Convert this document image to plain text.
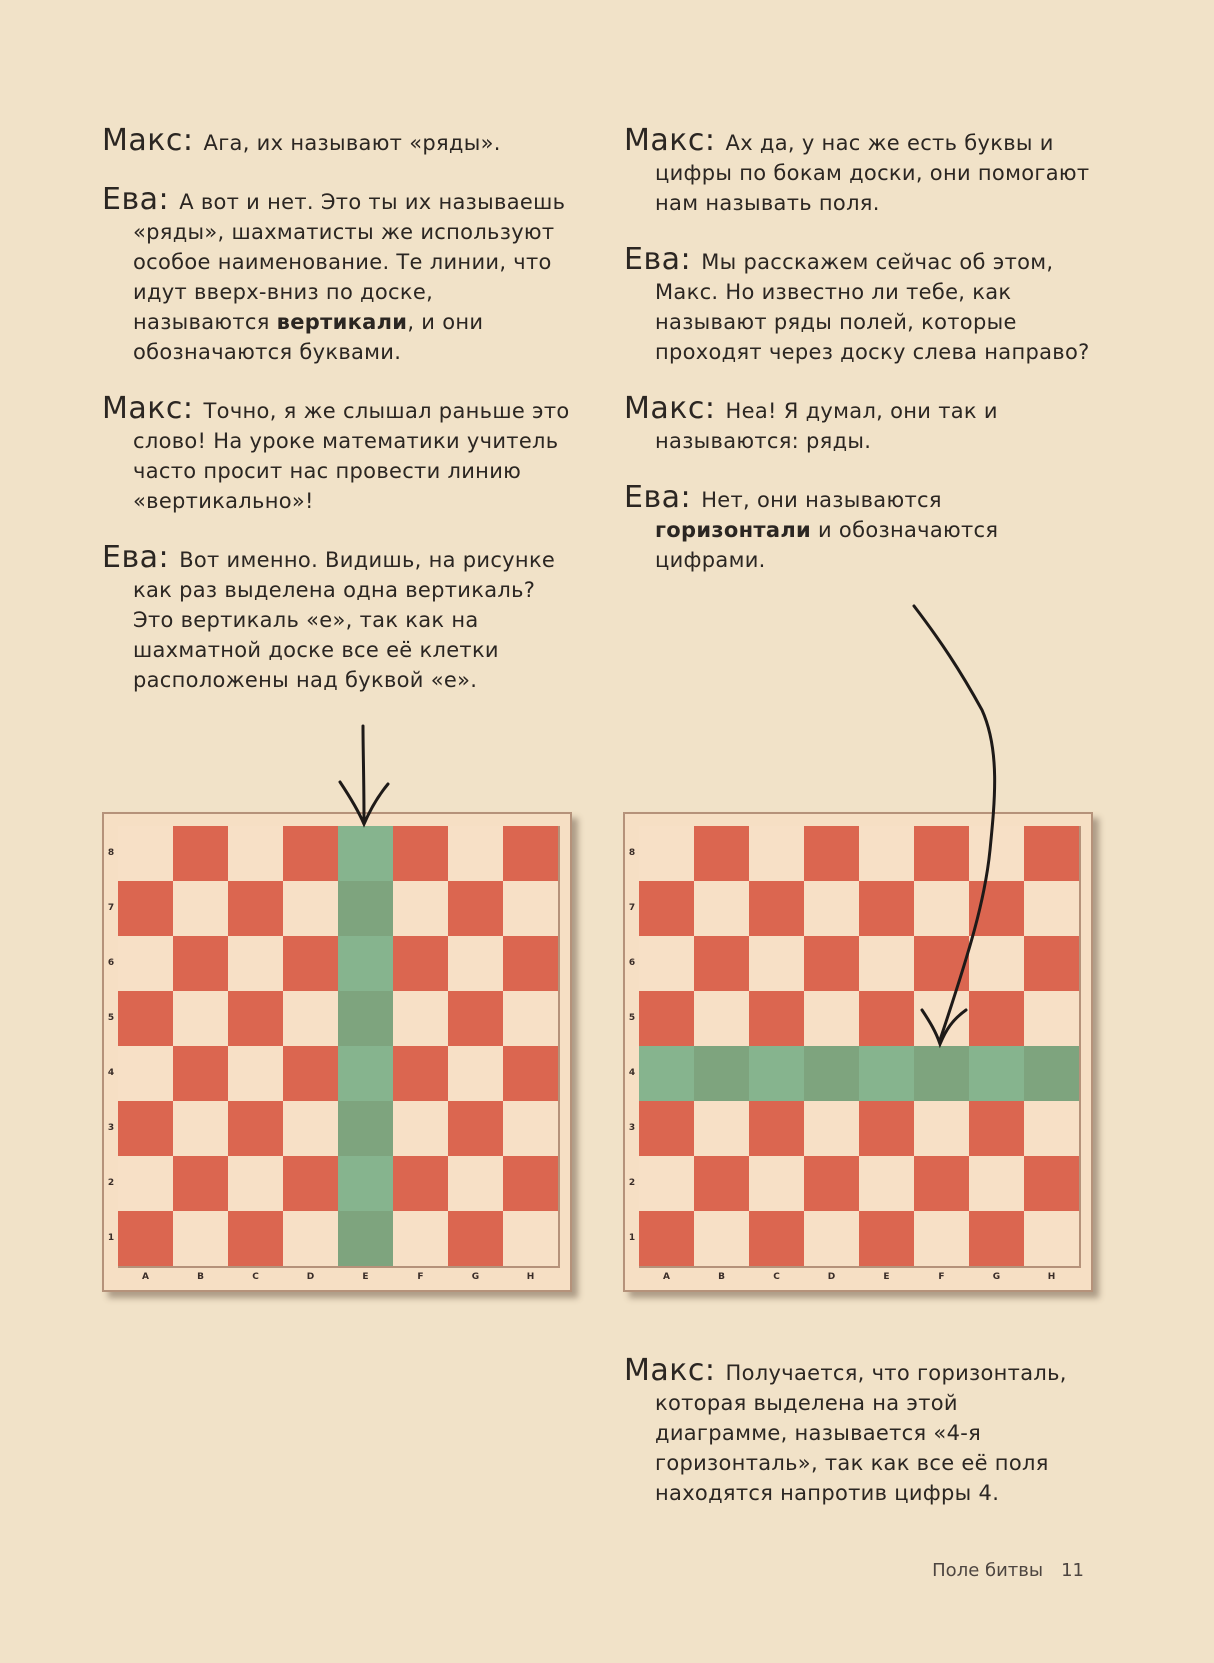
Макс : Ага, их называют «ряды».

Ева : А вот и нет. Это ты их называешь «ряды», шахматисты же используют особое наименование. Те линии, что идут вверх-вниз по доске, называются вертикали, и они обозначаются буквами.

Макс : Точно, я же слышал раньше это слово! На уроке математики учитель часто просит нас провести линию «вертикально»!

Ева : Вот именно. Видишь, на рисунке как раз выделена одна вертикаль? Это вертикаль «е», так как на шахматной доске все её клетки расположены над буквой «е».

Макс : Ах да, у нас же есть буквы и цифры по бокам доски, они помогают нам называть поля.

Ева : Мы расскажем сейчас об этом, Макс. Но известно ли тебе, как называют ряды полей, которые проходят через доску слева направо?

Макс : Неа! Я думал, они так и называются: ряды.

Ева : Нет, они называются горизонтали и обозначаются цифрами.

Макс : Получается, что горизонталь, которая выделена на этой диаграмме, называется «4-я горизонталь», так как все её поля находятся напротив цифры 4.

8
7
6
5
4
3
2
1
A	B	C	D	E	F	G	H
8
7
6
5
4
3
2
1
A	B	C	D	E	F	G	H
Поле битвы 11
